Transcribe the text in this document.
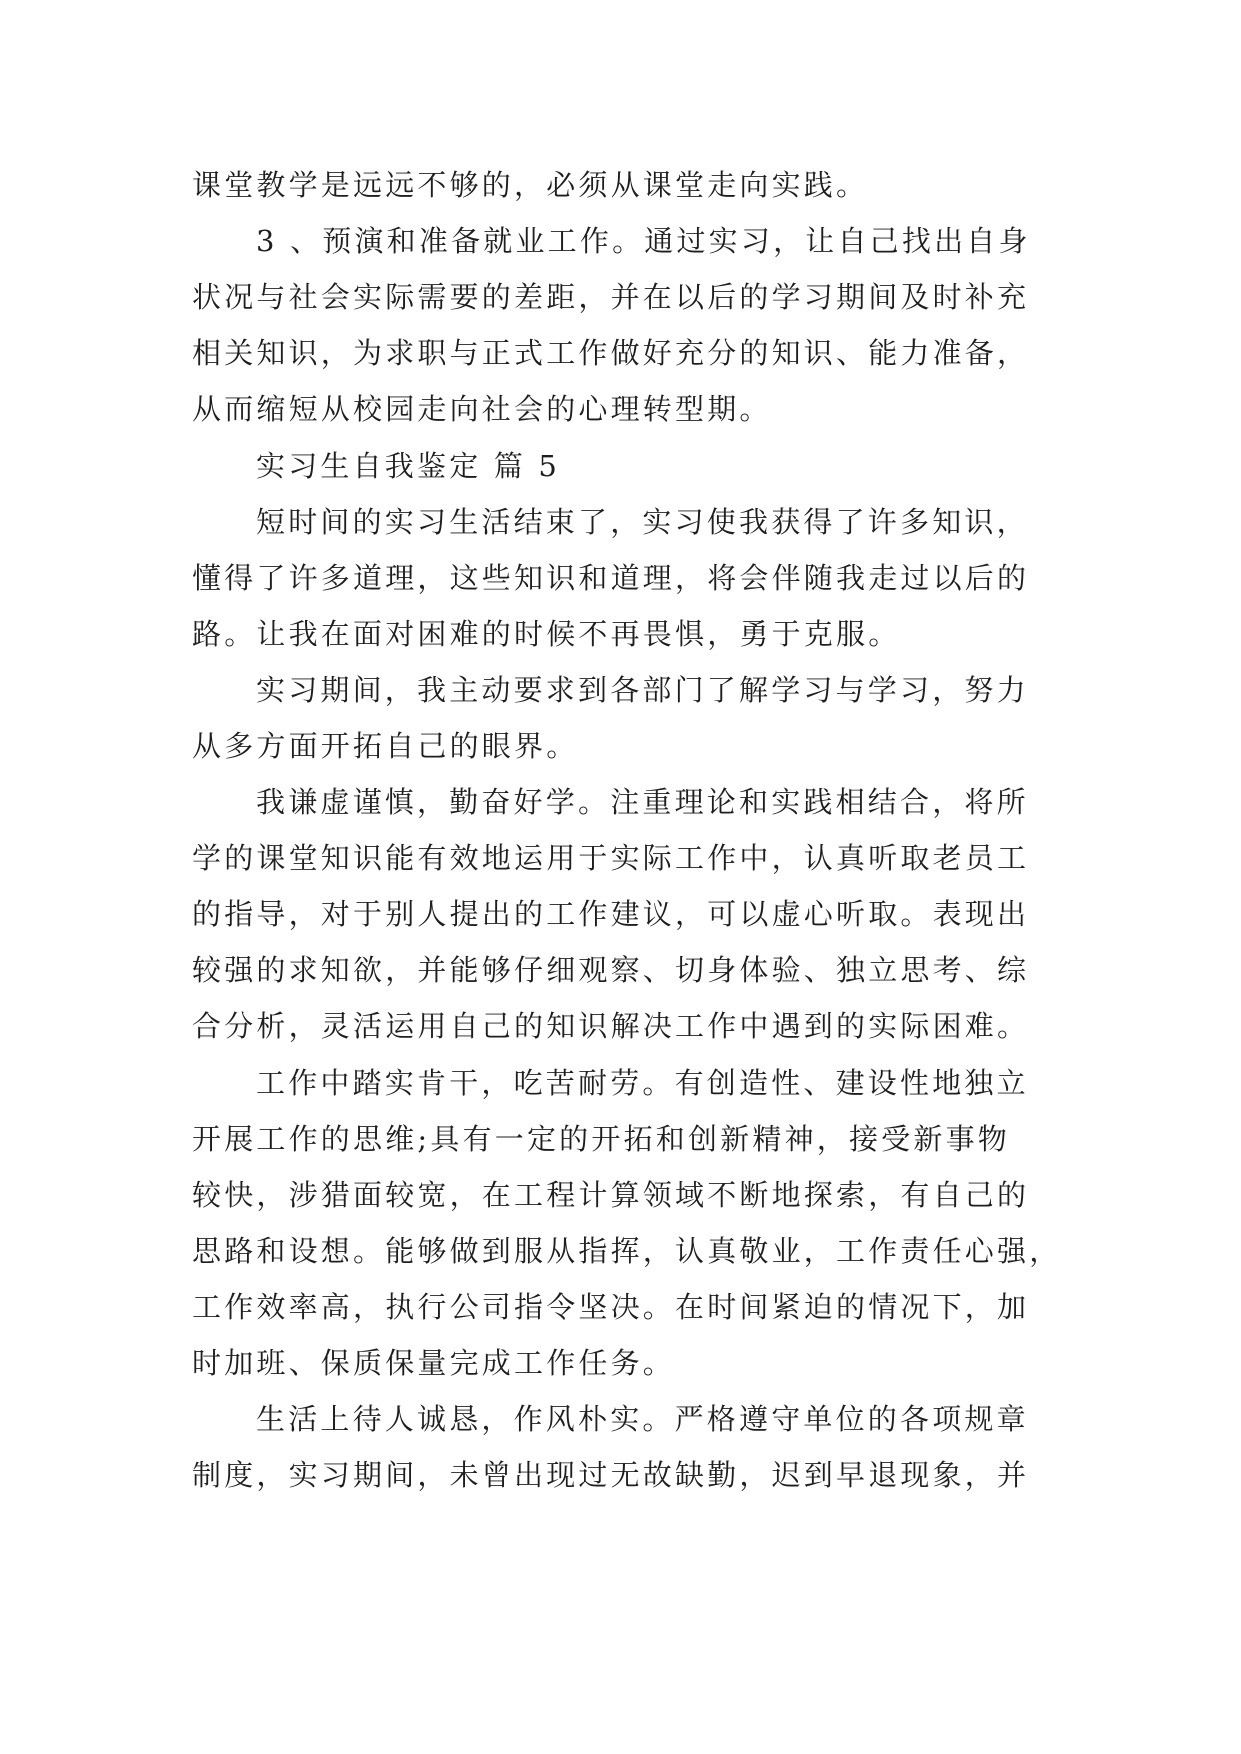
课堂教学是远远不够的，必须从课堂走向实践。
3 、预演和准备就业工作。通过实习，让自己找出自身
状况与社会实际需要的差距，并在以后的学习期间及时补充
相关知识，为求职与正式工作做好充分的知识、能力准备，
从而缩短从校园走向社会的心理转型期。
实习生自我鉴定 篇 5
短时间的实习生活结束了，实习使我获得了许多知识，
懂得了许多道理，这些知识和道理，将会伴随我走过以后的
路。让我在面对困难的时候不再畏惧，勇于克服。
实习期间，我主动要求到各部门了解学习与学习，努力
从多方面开拓自己的眼界。
我谦虚谨慎，勤奋好学。注重理论和实践相结合，将所
学的课堂知识能有效地运用于实际工作中，认真听取老员工
的指导，对于别人提出的工作建议，可以虚心听取。表现出
较强的求知欲，并能够仔细观察、切身体验、独立思考、综
合分析，灵活运用自己的知识解决工作中遇到的实际困难。
工作中踏实肯干，吃苦耐劳。有创造性、建设性地独立
开展工作的思维;具有一定的开拓和创新精神，接受新事物
较快，涉猎面较宽，在工程计算领域不断地探索，有自己的
思路和设想。能够做到服从指挥，认真敬业，工作责任心强，
工作效率高，执行公司指令坚决。在时间紧迫的情况下，加
时加班、保质保量完成工作任务。
生活上待人诚恳，作风朴实。严格遵守单位的各项规章
制度，实习期间，未曾出现过无故缺勤，迟到早退现象，并
